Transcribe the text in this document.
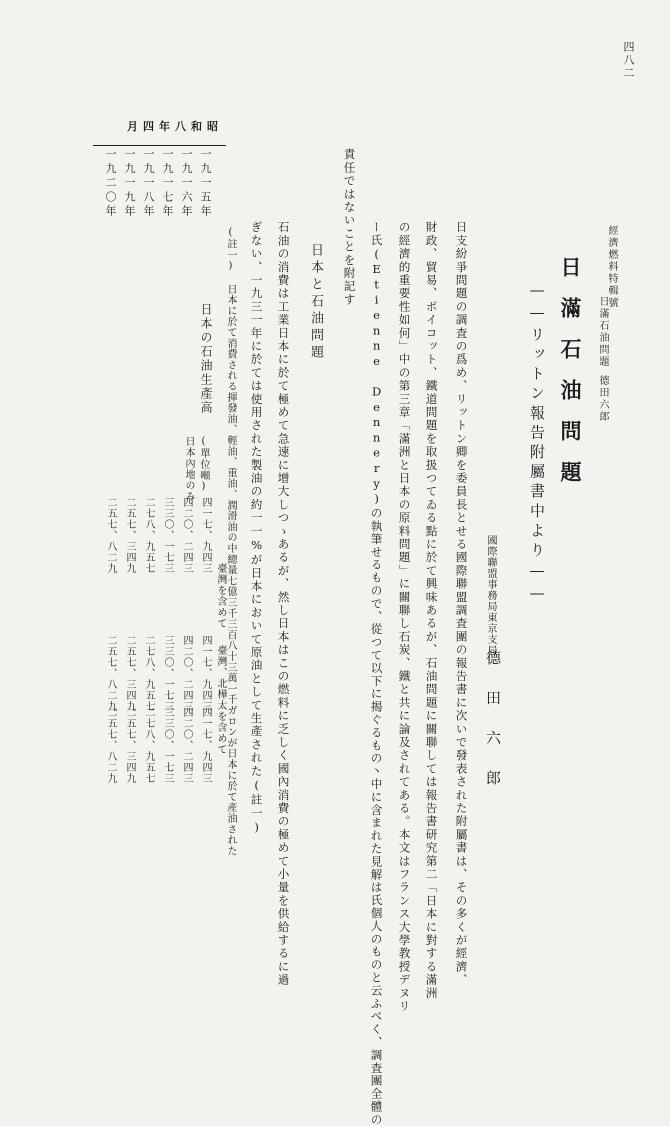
四八二
昭和八年四月
經濟燃料特輯號
日滿石油問題
德田六郎
日滿石油問題
——リットン報告附屬書中より——
國際聯盟事務局東京支局
德田六郎
日支紛爭問題の調査の爲め、リットン卿を委員長とせる國際聯盟調査團の報告書に次いで發表された附屬書は、その多くが經濟、
財政、貿易、ボイコット、鐵道問題を取扱つてゐる點に於て興味あるが、石油問題に關聯しては報告書研究第二「日本に對する滿洲
の經濟的重要性如何」中の第三章「滿洲と日本の原料問題」に關聯し石炭、鐵と共に論及されてある。本文はフランス大學教授デヌリ
ー氏(Etienne Dennery)の執筆せるもので、從つて以下に揭ぐるもの丶中に含まれた見解は氏個人のものと云ふべく、調査團全體の
責任ではないことを附記す
日本と石油問題
石油の消費は工業日本に於て極めて急速に增大しつゝあるが、然し日本はこの燃料に乏しく國內消費の極めて小量を供給するに過
ぎない、一九三一年に於ては使用された製油の約一一%が日本において原油として生產された(註一)
(註一) 日本に於て消費される揮發油、輕油、重油、潤滑油の中總量七億三千三百八十三萬一千ガロンが日本に於て產油された
日本の石油生產高
(單位噸)
日本內地のみ
臺灣を含めて
臺灣、北樺太を含めて
一九一五年
四一七、九四三
四一七、九四三
四一七、九四三
一九一六年
四二〇、二四三
四二〇、二四三
四二〇、二四三
一九一七年
三三〇、一七三
三三〇、一七三
三三〇、一七三
一九一八年
二七八、九五七
二七八、九五七
二七八、九五七
一九一九年
二五七、三四九
二五七、三四九
二五七、三四九
一九二〇年
二五七、八二九
二五七、八二九
二五七、八二九
